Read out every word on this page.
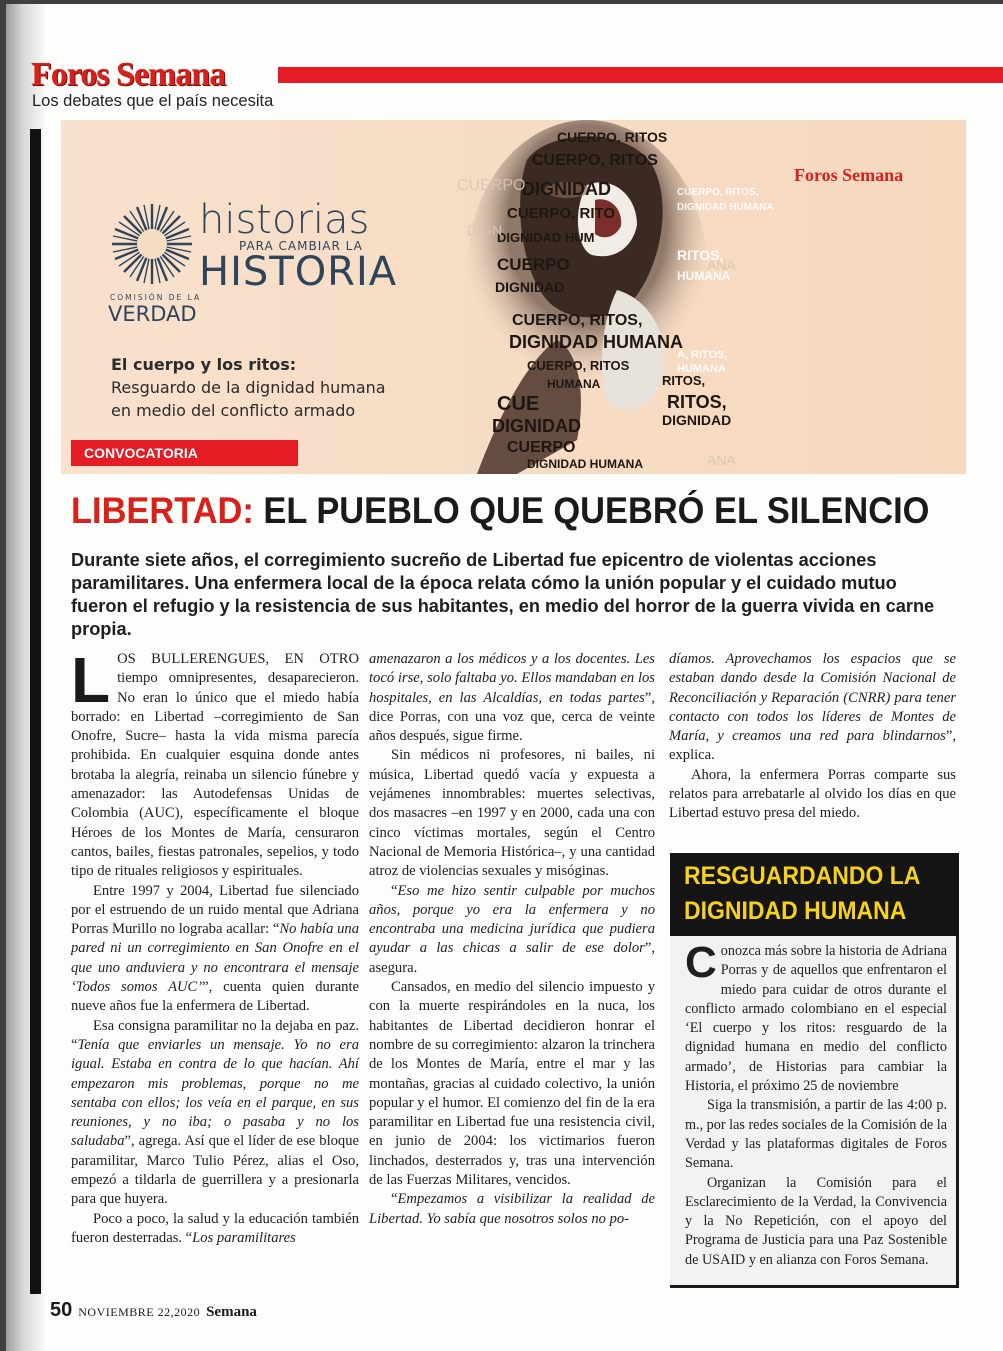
Foros Semana
Los debates que el país necesita
historias
PARA CAMBIAR LA
HISTORIA
COMISIÓN DE LA
VERDAD
El cuerpo y los ritos:
Resguardo de la dignidad humana
en medio del conflicto armado
CUERPO, RITOS
CUERPO, RITOS
DIGNIDAD
CUERPO, RITO
DIGNIDAD HUM
CUERPO
DIGNIDAD
CUERPO, RITOS,
DIGNIDAD HUMANA
CUERPO, RITOS
HUMANA
CUE
DIGNIDAD
CUERPO
DIGNIDAD HUMANA
RITOS,
RITOS,
DIGNIDAD
CUERPO, RITOS,
DIGNIDAD HUMANA
RITOS,
HUMANA
A, RITOS,
HUMANA
CUERPO
DIGN
ANA
ANA
Foros Semana
CONVOCATORIA
LIBERTAD: EL PUEBLO QUE QUEBRÓ EL SILENCIO
Durante siete años, el corregimiento sucreño de Libertad fue epicentro de violentas acciones paramilitares. Una enfermera local de la época relata cómo la unión popular y el cuidado mutuo fueron el refugio y la resistencia de sus habitantes, en medio del horror de la guerra vivida en carne propia.

LOS BULLERENGUES, EN OTRO tiempo omnipresentes, desaparecieron. No eran lo único que el miedo había borrado: en Libertad –corregimiento de San Onofre, Sucre– hasta la vida misma parecía prohibida. En cualquier esquina donde antes brotaba la alegría, reinaba un silencio fúnebre y amenazador: las Autodefensas Unidas de Colombia (AUC), específicamente el bloque Héroes de los Montes de María, censuraron cantos, bailes, fiestas patronales, sepelios, y todo tipo de rituales religiosos y espirituales.

Entre 1997 y 2004, Libertad fue silenciado por el estruendo de un ruido mental que Adriana Porras Murillo no lograba acallar: “No había una pared ni un corregimiento en San Onofre en el que uno anduviera y no encontrara el mensaje ‘Todos somos AUC’”, cuenta quien durante nueve años fue la enfermera de Libertad.

Esa consigna paramilitar no la dejaba en paz. “Tenía que enviarles un mensaje. Yo no era igual. Estaba en contra de lo que hacían. Ahí empezaron mis problemas, porque no me sentaba con ellos; los veía en el parque, en sus reuniones, y no iba; o pasaba y no los saludaba”, agrega. Así que el líder de ese bloque paramilitar, Marco Tulio Pérez, alias el Oso, empezó a tildarla de guerrillera y a presionarla para que huyera.

Poco a poco, la salud y la educación también fueron desterradas. “Los paramilitares

amenazaron a los médicos y a los docentes. Les tocó irse, solo faltaba yo. Ellos mandaban en los hospitales, en las Alcaldías, en todas partes”, dice Porras, con una voz que, cerca de veinte años después, sigue firme.

Sin médicos ni profesores, ni bailes, ni música, Libertad quedó vacía y expuesta a vejámenes innombrables: muertes selectivas, dos masacres –en 1997 y en 2000, cada una con cinco víctimas mortales, según el Centro Nacional de Memoria Histórica–, y una cantidad atroz de violencias sexuales y misóginas.

“Eso me hizo sentir culpable por muchos años, porque yo era la enfermera y no encontraba una medicina jurídica que pudiera ayudar a las chicas a salir de ese dolor”, asegura.

Cansados, en medio del silencio impuesto y con la muerte respirándoles en la nuca, los habitantes de Libertad decidieron honrar el nombre de su corregimiento: alzaron la trinchera de los Montes de María, entre el mar y las montañas, gracias al cuidado colectivo, la unión popular y el humor. El comienzo del fin de la era paramilitar en Libertad fue una resistencia civil, en junio de 2004: los victimarios fueron linchados, desterrados y, tras una intervención de las Fuerzas Militares, vencidos.

“Empezamos a visibilizar la realidad de Libertad. Yo sabía que nosotros solos no po-

díamos. Aprovechamos los espacios que se estaban dando desde la Comisión Nacional de Reconciliación y Reparación (CNRR) para tener contacto con todos los líderes de Montes de María, y creamos una red para blindarnos”, explica.

Ahora, la enfermera Porras comparte sus relatos para arrebatarle al olvido los días en que Libertad estuvo presa del miedo.

RESGUARDANDO LA
DIGNIDAD HUMANA

Conozca más sobre la historia de Adriana Porras y de aquellos que enfrentaron el miedo para cuidar de otros durante el conflicto armado colombiano en el especial ‘El cuerpo y los ritos: resguardo de la dignidad humana en medio del conflicto armado’, de Historias para cambiar la Historia, el próximo 25 de noviembre

Siga la transmisión, a partir de las 4:00 p. m., por las redes sociales de la Comisión de la Verdad y las plataformas digitales de Foros Semana.

Organizan la Comisión para el Esclarecimiento de la Verdad, la Convivencia y la No Repetición, con el apoyo del Programa de Justicia para una Paz Sostenible de USAID y en alianza con Foros Semana.

50 NOVIEMBRE 22,2020 Semana
